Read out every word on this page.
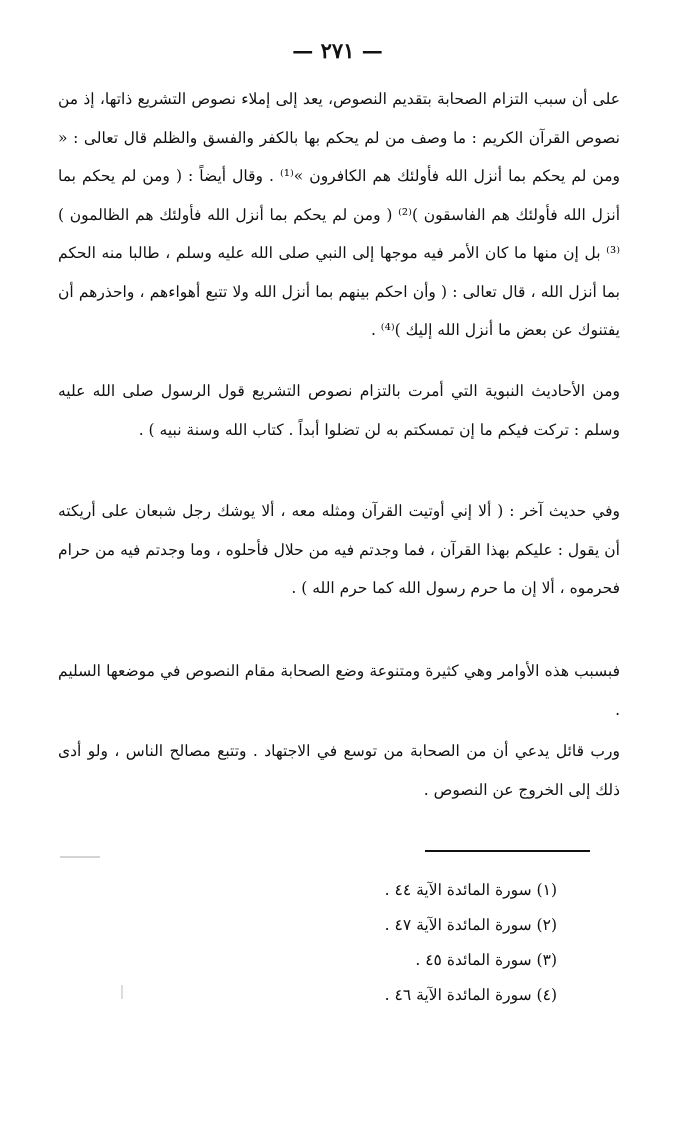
— ٢٧١ —

على أن سبب التزام الصحابة بتقديم النصوص، يعد إلى إملاء نصوص التشريع ذاتها، إذ من نصوص القرآن الكريم : ما وصف من لم يحكم بها بالكفر والفسق والظلم قال تعالى : « ومن لم يحكم بما أنزل الله فأولئك هم الكافرون »⁽¹⁾ . وقال أيضاً : ( ومن لم يحكم بما أنزل الله فأولئك هم الفاسقون )⁽²⁾ ( ومن لم يحكم بما أنزل الله فأولئك هم الظالمون )⁽³⁾ بل إن منها ما كان الأمر فيه موجها إلى النبي صلى الله عليه وسلم ، طالبا منه الحكم بما أنزل الله ، قال تعالى : ( وأن احكم بينهم بما أنزل الله ولا تتبع أهواءهم ، واحذرهم أن يفتنوك عن بعض ما أنزل الله إليك )⁽⁴⁾ .

ومن الأحاديث النبوية التي أمرت بالتزام نصوص التشريع قول الرسول صلى الله عليه وسلم : تركت فيكم ما إن تمسكتم به لن تضلوا أبداً . كتاب الله وسنة نبيه ) .

وفي حديث آخر : ( ألا إني أوتيت القرآن ومثله معه ، ألا يوشك رجل شبعان على أريكته أن يقول : عليكم بهذا القرآن ، فما وجدتم فيه من حلال فأحلوه ، وما وجدتم فيه من حرام فحرموه ، ألا إن ما حرم رسول الله كما حرم الله ) .

فبسبب هذه الأوامر وهي كثيرة ومتنوعة وضع الصحابة مقام النصوص في موضعها السليم .

ورب قائل يدعي أن من الصحابة من توسع في الاجتهاد . وتتبع مصالح الناس ، ولو أدى ذلك إلى الخروج عن النصوص .

(١) سورة المائدة الآية ٤٤ .
(٢) سورة المائدة الآية ٤٧ .
(٣) سورة المائدة ٤٥ .
(٤) سورة المائدة الآية ٤٦ .
